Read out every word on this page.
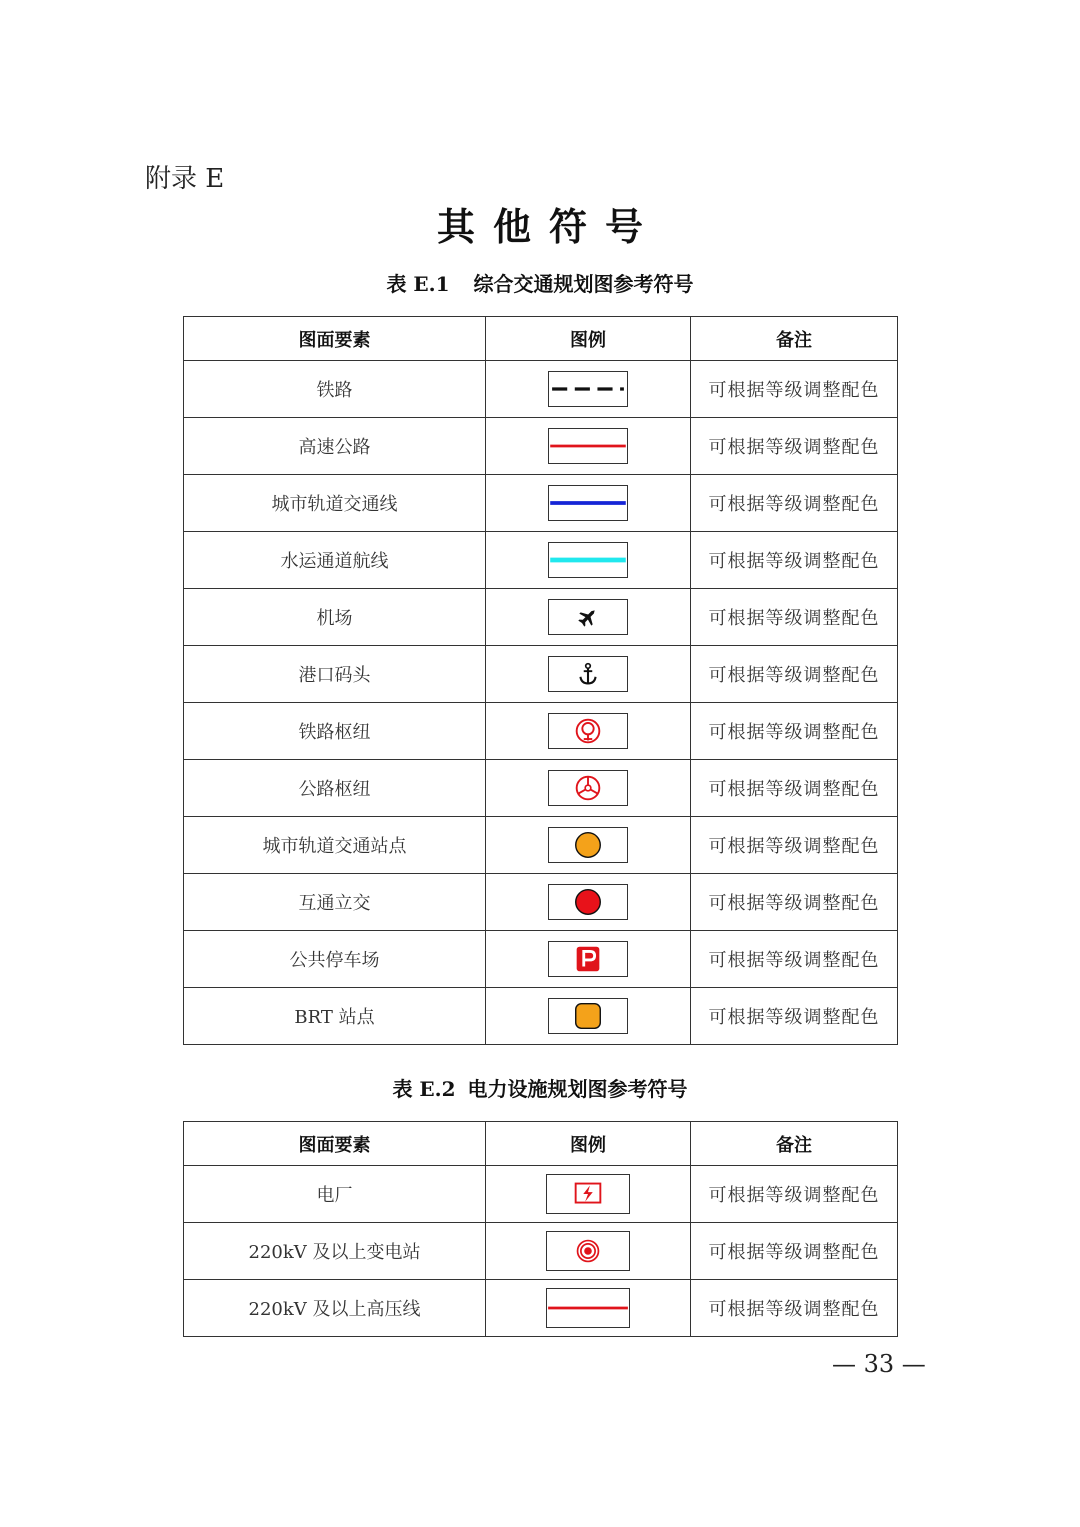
附录 E
其他符号
表 E.1 综合交通规划图参考符号
图面要素	图例	备注
铁路		可根据等级调整配色
高速公路		可根据等级调整配色
城市轨道交通线		可根据等级调整配色
水运通道航线		可根据等级调整配色
机场		可根据等级调整配色
港口码头		可根据等级调整配色
铁路枢纽		可根据等级调整配色
公路枢纽		可根据等级调整配色
城市轨道交通站点		可根据等级调整配色
互通立交		可根据等级调整配色
公共停车场		可根据等级调整配色
BRT 站点		可根据等级调整配色
表 E.2 电力设施规划图参考符号
图面要素	图例	备注
电厂		可根据等级调整配色
220kV 及以上变电站		可根据等级调整配色
220kV 及以上高压线		可根据等级调整配色
— 33 —
